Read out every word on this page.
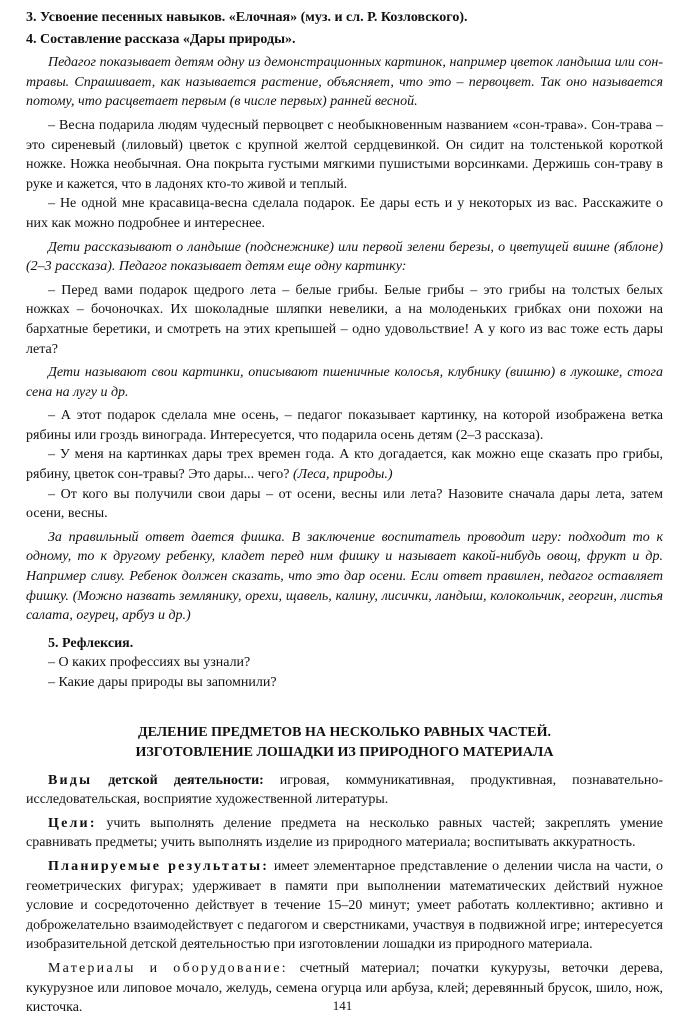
3. Усвоение песенных навыков. «Елочная» (муз. и сл. Р. Козловского).

4. Составление рассказа «Дары природы».

Педагог показывает детям одну из демонстрационных картинок, например цветок ландыша или сон-травы. Спрашивает, как называется растение, объясняет, что это – первоцвет. Так оно называется потому, что расцветает первым (в числе первых) ранней весной.

– Весна подарила людям чудесный первоцвет с необыкновенным названием «сон-трава». Сон-трава – это сиреневый (лиловый) цветок с крупной желтой сердцевинкой. Он сидит на толстенькой короткой ножке. Ножка необычная. Она покрыта густыми мягкими пушистыми ворсинками. Держишь сон-траву в руке и кажется, что в ладонях кто-то живой и теплый.

– Не одной мне красавица-весна сделала подарок. Ее дары есть и у некоторых из вас. Расскажите о них как можно подробнее и интереснее.

Дети рассказывают о ландыше (подснежнике) или первой зелени березы, о цветущей вишне (яблоне) (2–3 рассказа). Педагог показывает детям еще одну картинку:

– Перед вами подарок щедрого лета – белые грибы. Белые грибы – это грибы на толстых белых ножках – бочоночках. Их шоколадные шляпки невелики, а на молоденьких грибках они похожи на бархатные беретики, и смотреть на этих крепышей – одно удовольствие! А у кого из вас тоже есть дары лета?

Дети называют свои картинки, описывают пшеничные колосья, клубнику (вишню) в лукошке, стога сена на лугу и др.

– А этот подарок сделала мне осень, – педагог показывает картинку, на которой изображена ветка рябины или гроздь винограда. Интересуется, что подарила осень детям (2–3 рассказа).

– У меня на картинках дары трех времен года. А кто догадается, как можно еще сказать про грибы, рябину, цветок сон-травы? Это дары... чего? (Леса, природы.)

– От кого вы получили свои дары – от осени, весны или лета? Назовите сначала дары лета, затем осени, весны.

За правильный ответ дается фишка. В заключение воспитатель проводит игру: подходит то к одному, то к другому ребенку, кладет перед ним фишку и называет какой-нибудь овощ, фрукт и др. Например сливу. Ребенок должен сказать, что это дар осени. Если ответ правилен, педагог оставляет фишку. (Можно назвать землянику, орехи, щавель, калину, лисички, ландыш, колокольчик, георгин, листья салата, огурец, арбуз и др.)

5. Рефлексия.

– О каких профессиях вы узнали?

– Какие дары природы вы запомнили?

ДЕЛЕНИЕ ПРЕДМЕТОВ НА НЕСКОЛЬКО РАВНЫХ ЧАСТЕЙ.
ИЗГОТОВЛЕНИЕ ЛОШАДКИ ИЗ ПРИРОДНОГО МАТЕРИАЛА

Виды детской деятельности: игровая, коммуникативная, продуктивная, познавательно-исследовательская, восприятие художественной литературы.

Цели: учить выполнять деление предмета на несколько равных частей; закреплять умение сравнивать предметы; учить выполнять изделие из природного материала; воспитывать аккуратность.

Планируемые результаты: имеет элементарное представление о делении числа на части, о геометрических фигурах; удерживает в памяти при выполнении математических действий нужное условие и сосредоточенно действует в течение 15–20 минут; умеет работать коллективно; активно и доброжелательно взаимодействует с педагогом и сверстниками, участвуя в подвижной игре; интересуется изобразительной детской деятельностью при изготовлении лошадки из природного материала.

Материалы и оборудование: счетный материал; початки кукурузы, веточки дерева, кукурузное или липовое мочало, желудь, семена огурца или арбуза, клей; деревянный брусок, шило, нож, кисточка.	141
